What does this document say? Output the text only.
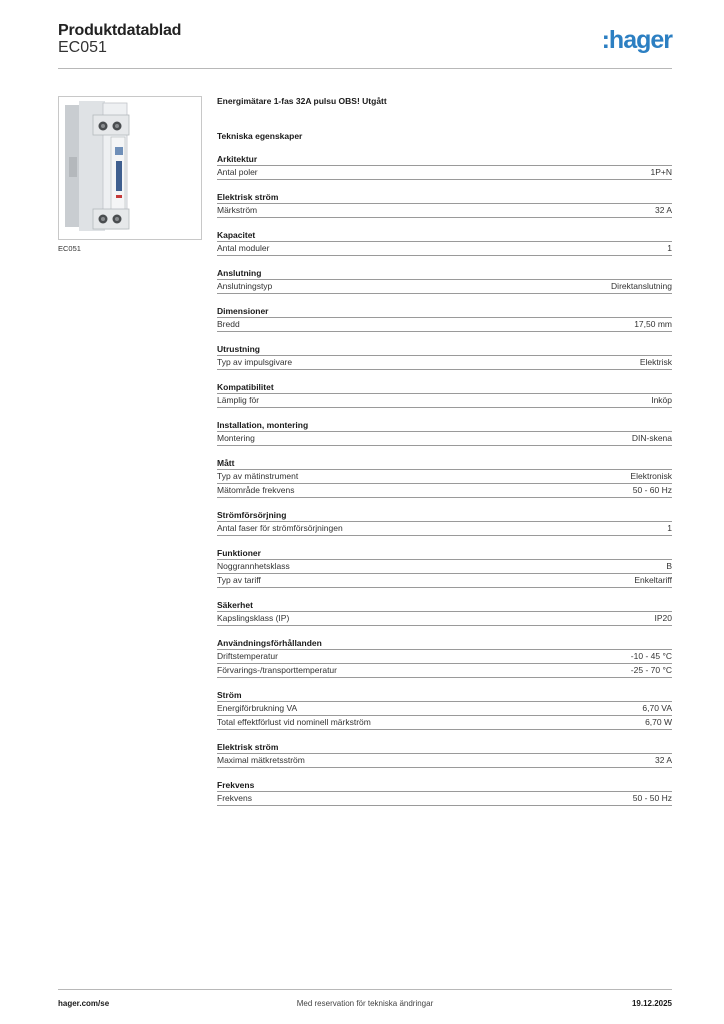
Produktdatablad
EC051	:hager
EC051
Energimätare 1-fas 32A pulsu OBS! Utgått
Tekniska egenskaper
Arkitektur
Antal poler	1P+N
Elektrisk ström
Märkström	32 A
Kapacitet
Antal moduler	1
Anslutning
Anslutningstyp	Direktanslutning
Dimensioner
Bredd	17,50 mm
Utrustning
Typ av impulsgivare	Elektrisk
Kompatibilitet
Lämplig för	Inköp
Installation, montering
Montering	DIN-skena
Mått
Typ av mätinstrument	Elektronisk
Mätområde frekvens	50 - 60 Hz
Strömförsörjning
Antal faser för strömförsörjningen	1
Funktioner
Noggrannhetsklass	B
Typ av tariff	Enkeltariff
Säkerhet
Kapslingsklass (IP)	IP20
Användningsförhållanden
Driftstemperatur	-10 - 45 °C
Förvarings-/transporttemperatur	-25 - 70 °C
Ström
Energiförbrukning VA	6,70 VA
Total effektförlust vid nominell märkström	6,70 W
Elektrisk ström
Maximal mätkretsström	32 A
Frekvens
Frekvens	50 - 50 Hz
hager.com/se	Med reservation för tekniska ändringar	19.12.2025
